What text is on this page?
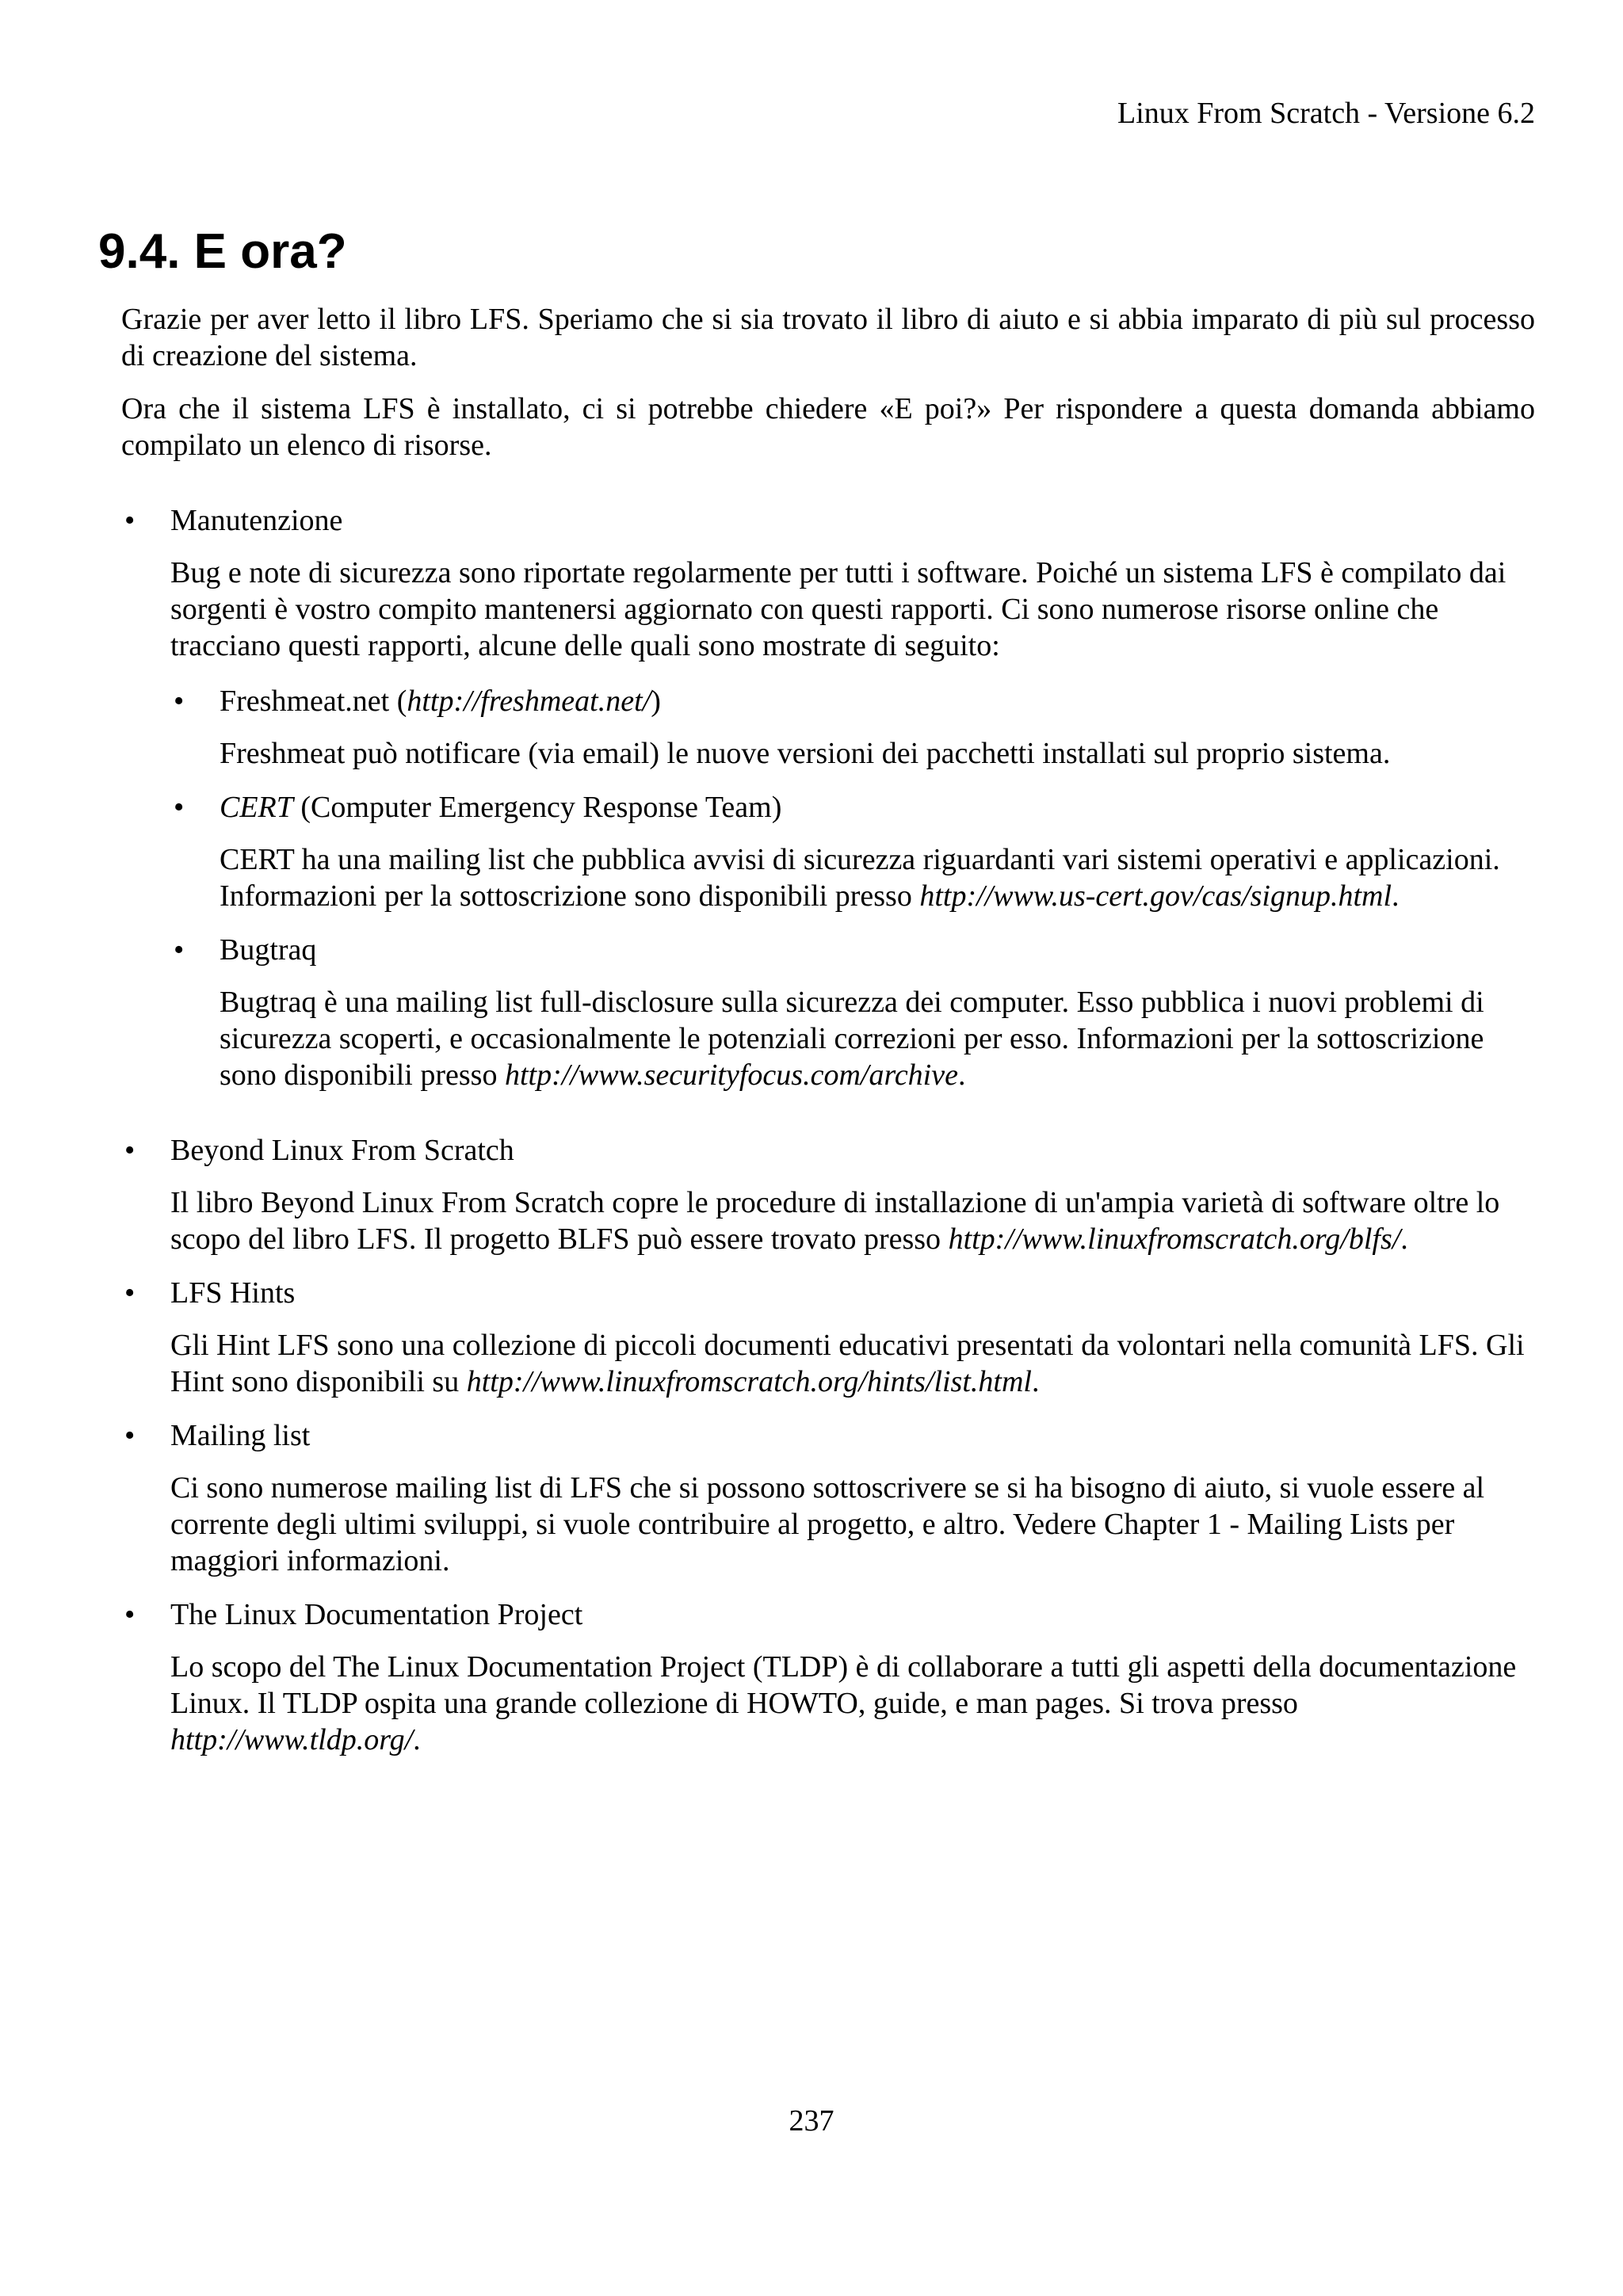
Linux From Scratch - Versione 6.2
9.4. E ora?

Grazie per aver letto il libro LFS. Speriamo che si sia trovato il libro di aiuto e si abbia imparato di più sul processo di creazione del sistema.

Ora che il sistema LFS è installato, ci si potrebbe chiedere «E poi?» Per rispondere a questa domanda abbiamo compilato un elenco di risorse.

• Manutenzione

Bug e note di sicurezza sono riportate regolarmente per tutti i software. Poiché un sistema LFS è compilato dai sorgenti è vostro compito mantenersi aggiornato con questi rapporti. Ci sono numerose risorse online che tracciano questi rapporti, alcune delle quali sono mostrate di seguito:

• Freshmeat.net (http://freshmeat.net/)

Freshmeat può notificare (via email) le nuove versioni dei pacchetti installati sul proprio sistema.

• CERT (Computer Emergency Response Team)

CERT ha una mailing list che pubblica avvisi di sicurezza riguardanti vari sistemi operativi e applicazioni. Informazioni per la sottoscrizione sono disponibili presso http://www.us-cert.gov/cas/signup.html.

• Bugtraq

Bugtraq è una mailing list full-disclosure sulla sicurezza dei computer. Esso pubblica i nuovi problemi di sicurezza scoperti, e occasionalmente le potenziali correzioni per esso. Informazioni per la sottoscrizione sono disponibili presso http://www.securityfocus.com/archive.

• Beyond Linux From Scratch

Il libro Beyond Linux From Scratch copre le procedure di installazione di un'ampia varietà di software oltre lo scopo del libro LFS. Il progetto BLFS può essere trovato presso http://www.linuxfromscratch.org/blfs/.

• LFS Hints

Gli Hint LFS sono una collezione di piccoli documenti educativi presentati da volontari nella comunità LFS. Gli Hint sono disponibili su http://www.linuxfromscratch.org/hints/list.html.

• Mailing list

Ci sono numerose mailing list di LFS che si possono sottoscrivere se si ha bisogno di aiuto, si vuole essere al corrente degli ultimi sviluppi, si vuole contribuire al progetto, e altro. Vedere Chapter 1 - Mailing Lists per maggiori informazioni.

• The Linux Documentation Project

Lo scopo del The Linux Documentation Project (TLDP) è di collaborare a tutti gli aspetti della documentazione Linux. Il TLDP ospita una grande collezione di HOWTO, guide, e man pages. Si trova presso http://www.tldp.org/.

237
